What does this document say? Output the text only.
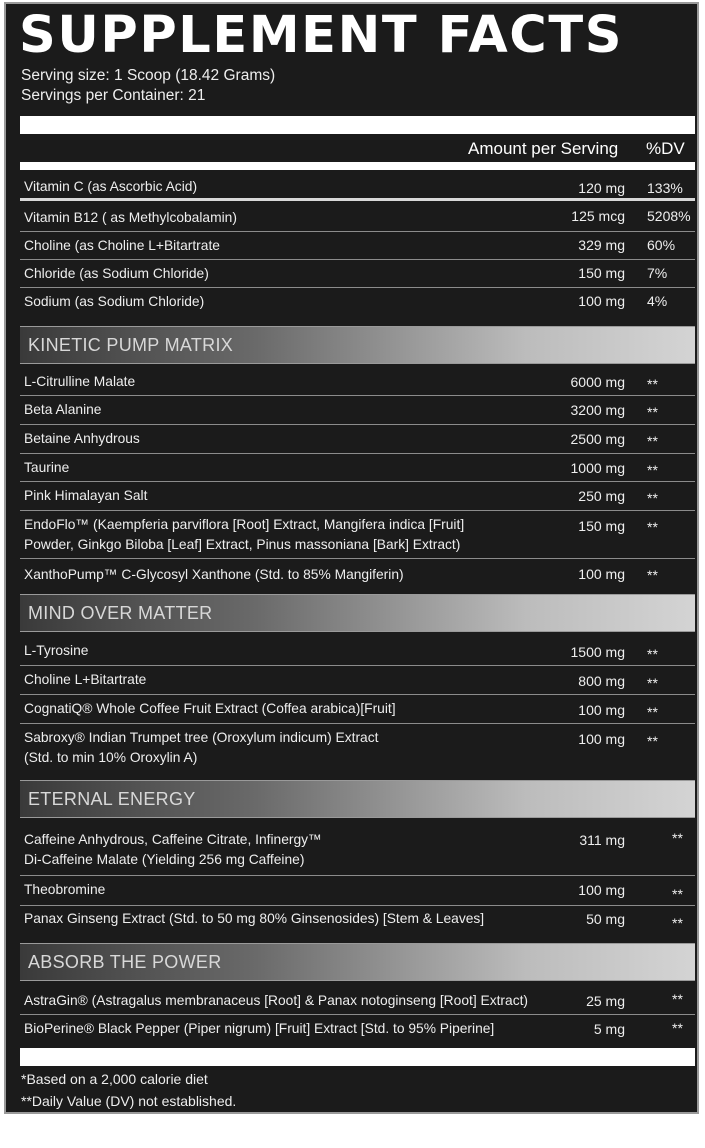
SUPPLEMENT FACTS
Serving size: 1 Scoop (18.42 Grams)
Servings per Container: 21
Amount per Serving %DV
Vitamin C (as Ascorbic Acid)	120 mg 133%
Vitamin B12 ( as Methylcobalamin)	125 mcg 5208%
Choline (as Choline L+Bitartrate	329 mg 60%
Chloride (as Sodium Chloride)	150 mg 7%
Sodium (as Sodium Chloride)	100 mg 4%
KINETIC PUMP MATRIX
L-Citrulline Malate	6000 mg **
Beta Alanine	3200 mg **
Betaine Anhydrous	2500 mg **
Taurine	1000 mg **
Pink Himalayan Salt	250 mg **
EndoFlo™ (Kaempferia parviflora [Root] Extract, Mangifera indica [Fruit]
Powder, Ginkgo Biloba [Leaf] Extract, Pinus massoniana [Bark] Extract)
150 mg **
XanthoPump™ C-Glycosyl Xanthone (Std. to 85% Mangiferin)	100 mg **
MIND OVER MATTER
L-Tyrosine	1500 mg **
Choline L+Bitartrate	800 mg **
CognatiQ® Whole Coffee Fruit Extract (Coffea arabica)[Fruit]	100 mg **
Sabroxy® Indian Trumpet tree (Oroxylum indicum) Extract
(Std. to min 10% Oroxylin A)
100 mg **
ETERNAL ENERGY
Caffeine Anhydrous, Caffeine Citrate, Infinergy™
Di-Caffeine Malate (Yielding 256 mg Caffeine)
311 mg	**
Theobromine	100 mg	**
Panax Ginseng Extract (Std. to 50 mg 80% Ginsenosides) [Stem & Leaves]	50 mg	**
ABSORB THE POWER
AstraGin® (Astragalus membranaceus [Root] & Panax notoginseng [Root] Extract)	25 mg	**
BioPerine® Black Pepper (Piper nigrum) [Fruit] Extract [Std. to 95% Piperine]	5 mg	**
*Based on a 2,000 calorie diet
**Daily Value (DV) not established.
